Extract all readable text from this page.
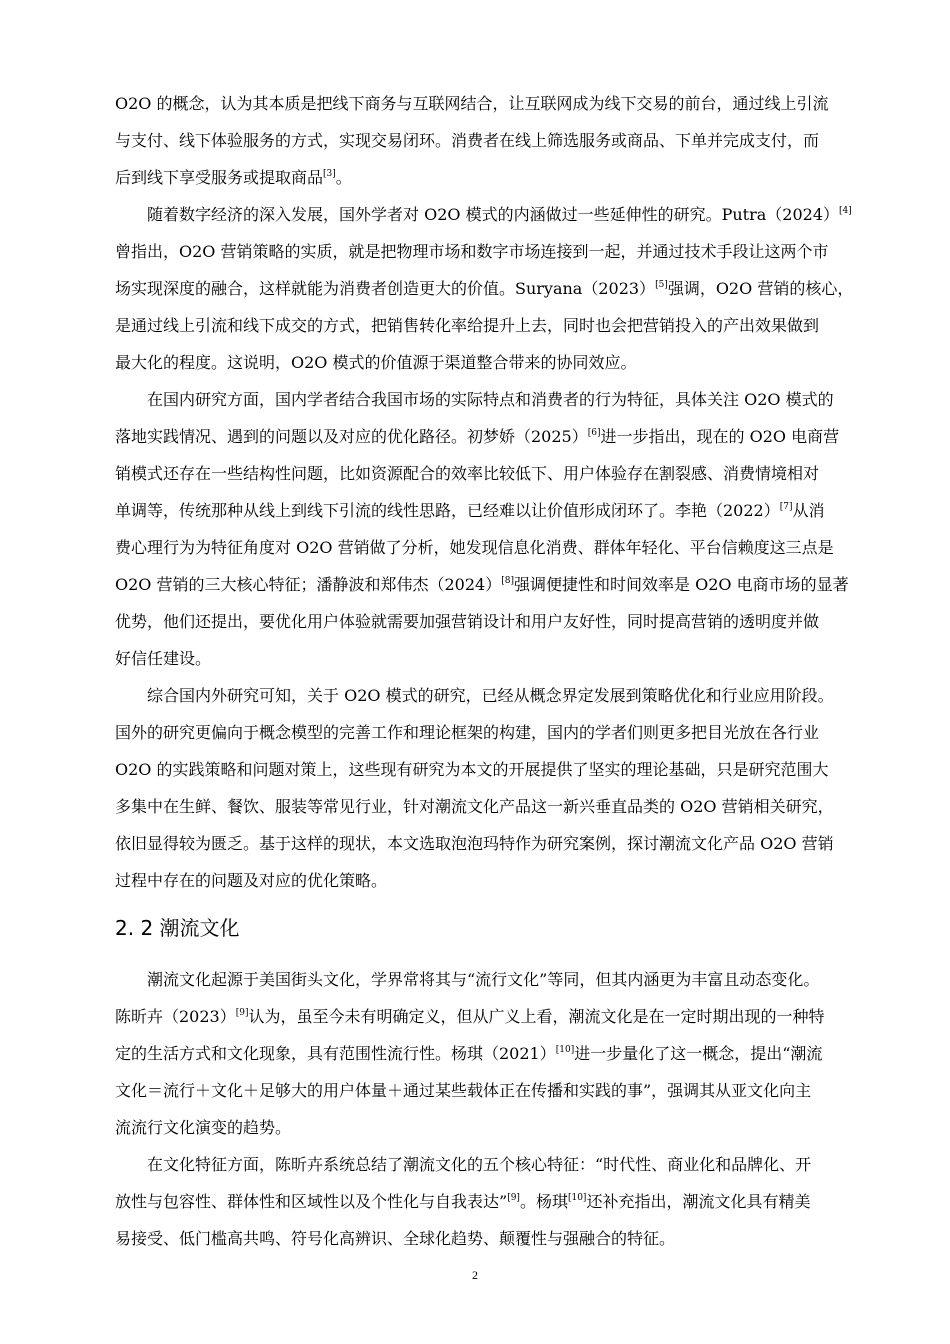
O2O 的概念，认为其本质是把线下商务与互联网结合，让互联网成为线下交易的前台，通过线上引流
与支付、线下体验服务的方式，实现交易闭环。消费者在线上筛选服务或商品、下单并完成支付，而
后到线下享受服务或提取商品[3]。
随着数字经济的深入发展，国外学者对 O2O 模式的内涵做过一些延伸性的研究。Putra（2024）[4]
曾指出，O2O 营销策略的实质，就是把物理市场和数字市场连接到一起，并通过技术手段让这两个市
场实现深度的融合，这样就能为消费者创造更大的价值。Suryana（2023）[5]强调，O2O 营销的核心，
是通过线上引流和线下成交的方式，把销售转化率给提升上去，同时也会把营销投入的产出效果做到
最大化的程度。这说明，O2O 模式的价值源于渠道整合带来的协同效应。
在国内研究方面，国内学者结合我国市场的实际特点和消费者的行为特征，具体关注 O2O 模式的
落地实践情况、遇到的问题以及对应的优化路径。初梦娇（2025）[6]进一步指出，现在的 O2O 电商营
销模式还存在一些结构性问题，比如资源配合的效率比较低下、用户体验存在割裂感、消费情境相对
单调等，传统那种从线上到线下引流的线性思路，已经难以让价值形成闭环了。李艳（2022）[7]从消
费心理行为为特征角度对 O2O 营销做了分析，她发现信息化消费、群体年轻化、平台信赖度这三点是
O2O 营销的三大核心特征；潘静波和郑伟杰（2024）[8]强调便捷性和时间效率是 O2O 电商市场的显著
优势，他们还提出，要优化用户体验就需要加强营销设计和用户友好性，同时提高营销的透明度并做
好信任建设。
综合国内外研究可知，关于 O2O 模式的研究，已经从概念界定发展到策略优化和行业应用阶段。
国外的研究更偏向于概念模型的完善工作和理论框架的构建，国内的学者们则更多把目光放在各行业
O2O 的实践策略和问题对策上，这些现有研究为本文的开展提供了坚实的理论基础，只是研究范围大
多集中在生鲜、餐饮、服装等常见行业，针对潮流文化产品这一新兴垂直品类的 O2O 营销相关研究，
依旧显得较为匮乏。基于这样的现状，本文选取泡泡玛特作为研究案例，探讨潮流文化产品 O2O 营销
过程中存在的问题及对应的优化策略。
2. 2 潮流文化
潮流文化起源于美国街头文化，学界常将其与“流行文化”等同，但其内涵更为丰富且动态变化。
陈昕卉（2023）[9]认为，虽至今未有明确定义，但从广义上看，潮流文化是在一定时期出现的一种特
定的生活方式和文化现象，具有范围性流行性。杨琪（2021）[10]进一步量化了这一概念，提出“潮流
文化＝流行＋文化＋足够大的用户体量＋通过某些载体正在传播和实践的事”，强调其从亚文化向主
流流行文化演变的趋势。
在文化特征方面，陈昕卉系统总结了潮流文化的五个核心特征：“时代性、商业化和品牌化、开
放性与包容性、群体性和区域性以及个性化与自我表达”[9]。杨琪[10]还补充指出，潮流文化具有精美
易接受、低门槛高共鸣、符号化高辨识、全球化趋势、颠覆性与强融合的特征。
2
